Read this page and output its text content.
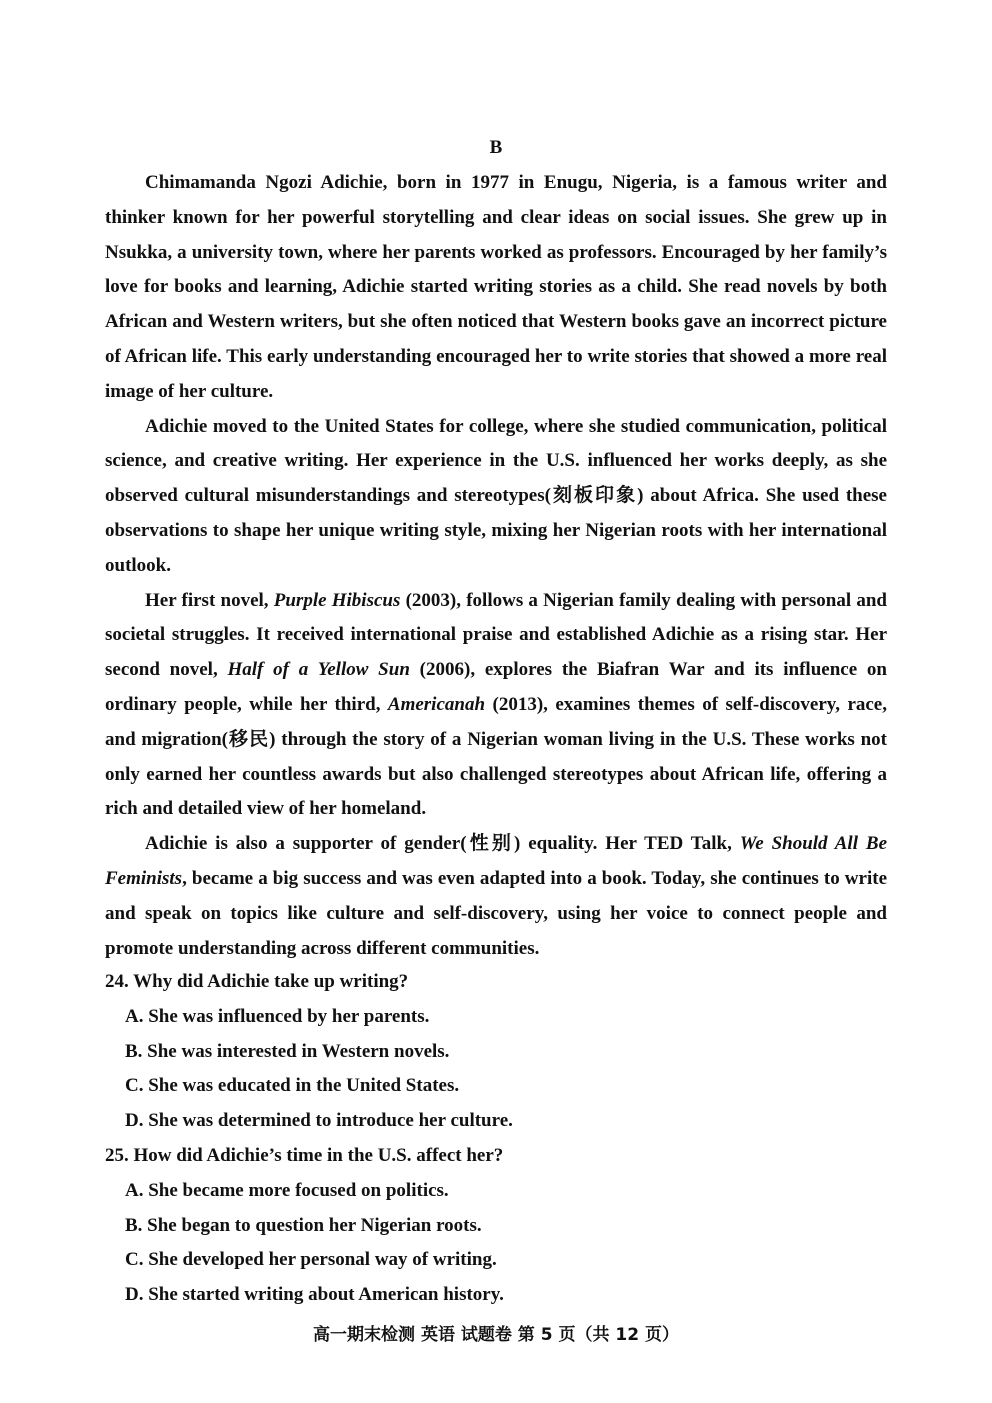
B

Chimamanda Ngozi Adichie, born in 1977 in Enugu, Nigeria, is a famous writer and thinker known for her powerful storytelling and clear ideas on social issues. She grew up in Nsukka, a university town, where her parents worked as professors. Encouraged by her family’s love for books and learning, Adichie started writing stories as a child. She read novels by both African and Western writers, but she often noticed that Western books gave an incorrect picture of African life. This early understanding encouraged her to write stories that showed a more real image of her culture.

Adichie moved to the United States for college, where she studied communication, political science, and creative writing. Her experience in the U.S. influenced her works deeply, as she observed cultural misunderstandings and stereotypes(刻板印象) about Africa. She used these observations to shape her unique writing style, mixing her Nigerian roots with her international outlook.

Her first novel, Purple Hibiscus (2003), follows a Nigerian family dealing with personal and societal struggles. It received international praise and established Adichie as a rising star. Her second novel, Half of a Yellow Sun (2006), explores the Biafran War and its influence on ordinary people, while her third, Americanah (2013), examines themes of self-discovery, race, and migration(移民) through the story of a Nigerian woman living in the U.S. These works not only earned her countless awards but also challenged stereotypes about African life, offering a rich and detailed view of her homeland.

Adichie is also a supporter of gender(性别) equality. Her TED Talk, We Should All Be Feminists, became a big success and was even adapted into a book. Today, she continues to write and speak on topics like culture and self-discovery, using her voice to connect people and promote understanding across different communities.

24. Why did Adichie take up writing?

A. She was influenced by her parents.

B. She was interested in Western novels.

C. She was educated in the United States.

D. She was determined to introduce her culture.

25. How did Adichie’s time in the U.S. affect her?

A. She became more focused on politics.

B. She began to question her Nigerian roots.

C. She developed her personal way of writing.

D. She started writing about American history.

高一期末检测 英语 试题卷 第 5 页（共 12 页）
